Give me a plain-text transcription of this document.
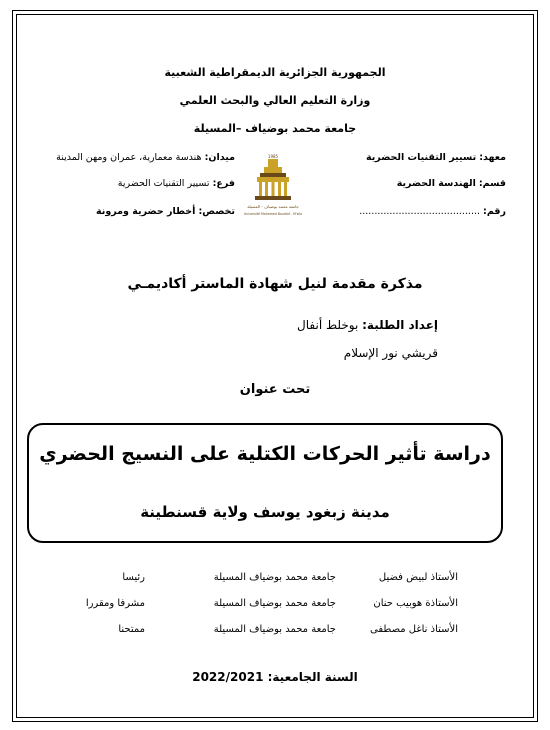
الجمهورية الجزائرية الديمقراطية الشعبية
وزارة التعليم العالي والبحث العلمي
جامعة محمد بوضياف –المسيلة
معهد: تسيير التقنيات الحضرية
قسم: الهندسة الحضرية
رقم: ........................................
ميدان: هندسة معمارية، عمران ومهن المدينة
فرع: تسيير التقنيات الحضرية
تخصص: أخطار حضرية ومرونة
1985
جامعة محمد بوضياف - المسيلة
Université Mohamed Boudiaf - M'sila
مذكرة مقدمة لنيل شهادة الماستر أكاديمـي
إعداد الطلبة: بوخلط أنفال
قريشي نور الإسلام
تحت عنوان
دراسة تأثير الحركات الكتلية على النسيج الحضري
مدينة زبغود يوسف ولاية قسنطينة
الأستاذ لبيض فضيل
جامعة محمد بوضياف المسيلة
رئيسا
الأستاذة هوبيب حنان
جامعة محمد بوضياف المسيلة
مشرفا ومقررا
الأستاذ ناغل مصطفى
جامعة محمد بوضياف المسيلة
ممتحنا
السنة الجامعية: 2022/2021
